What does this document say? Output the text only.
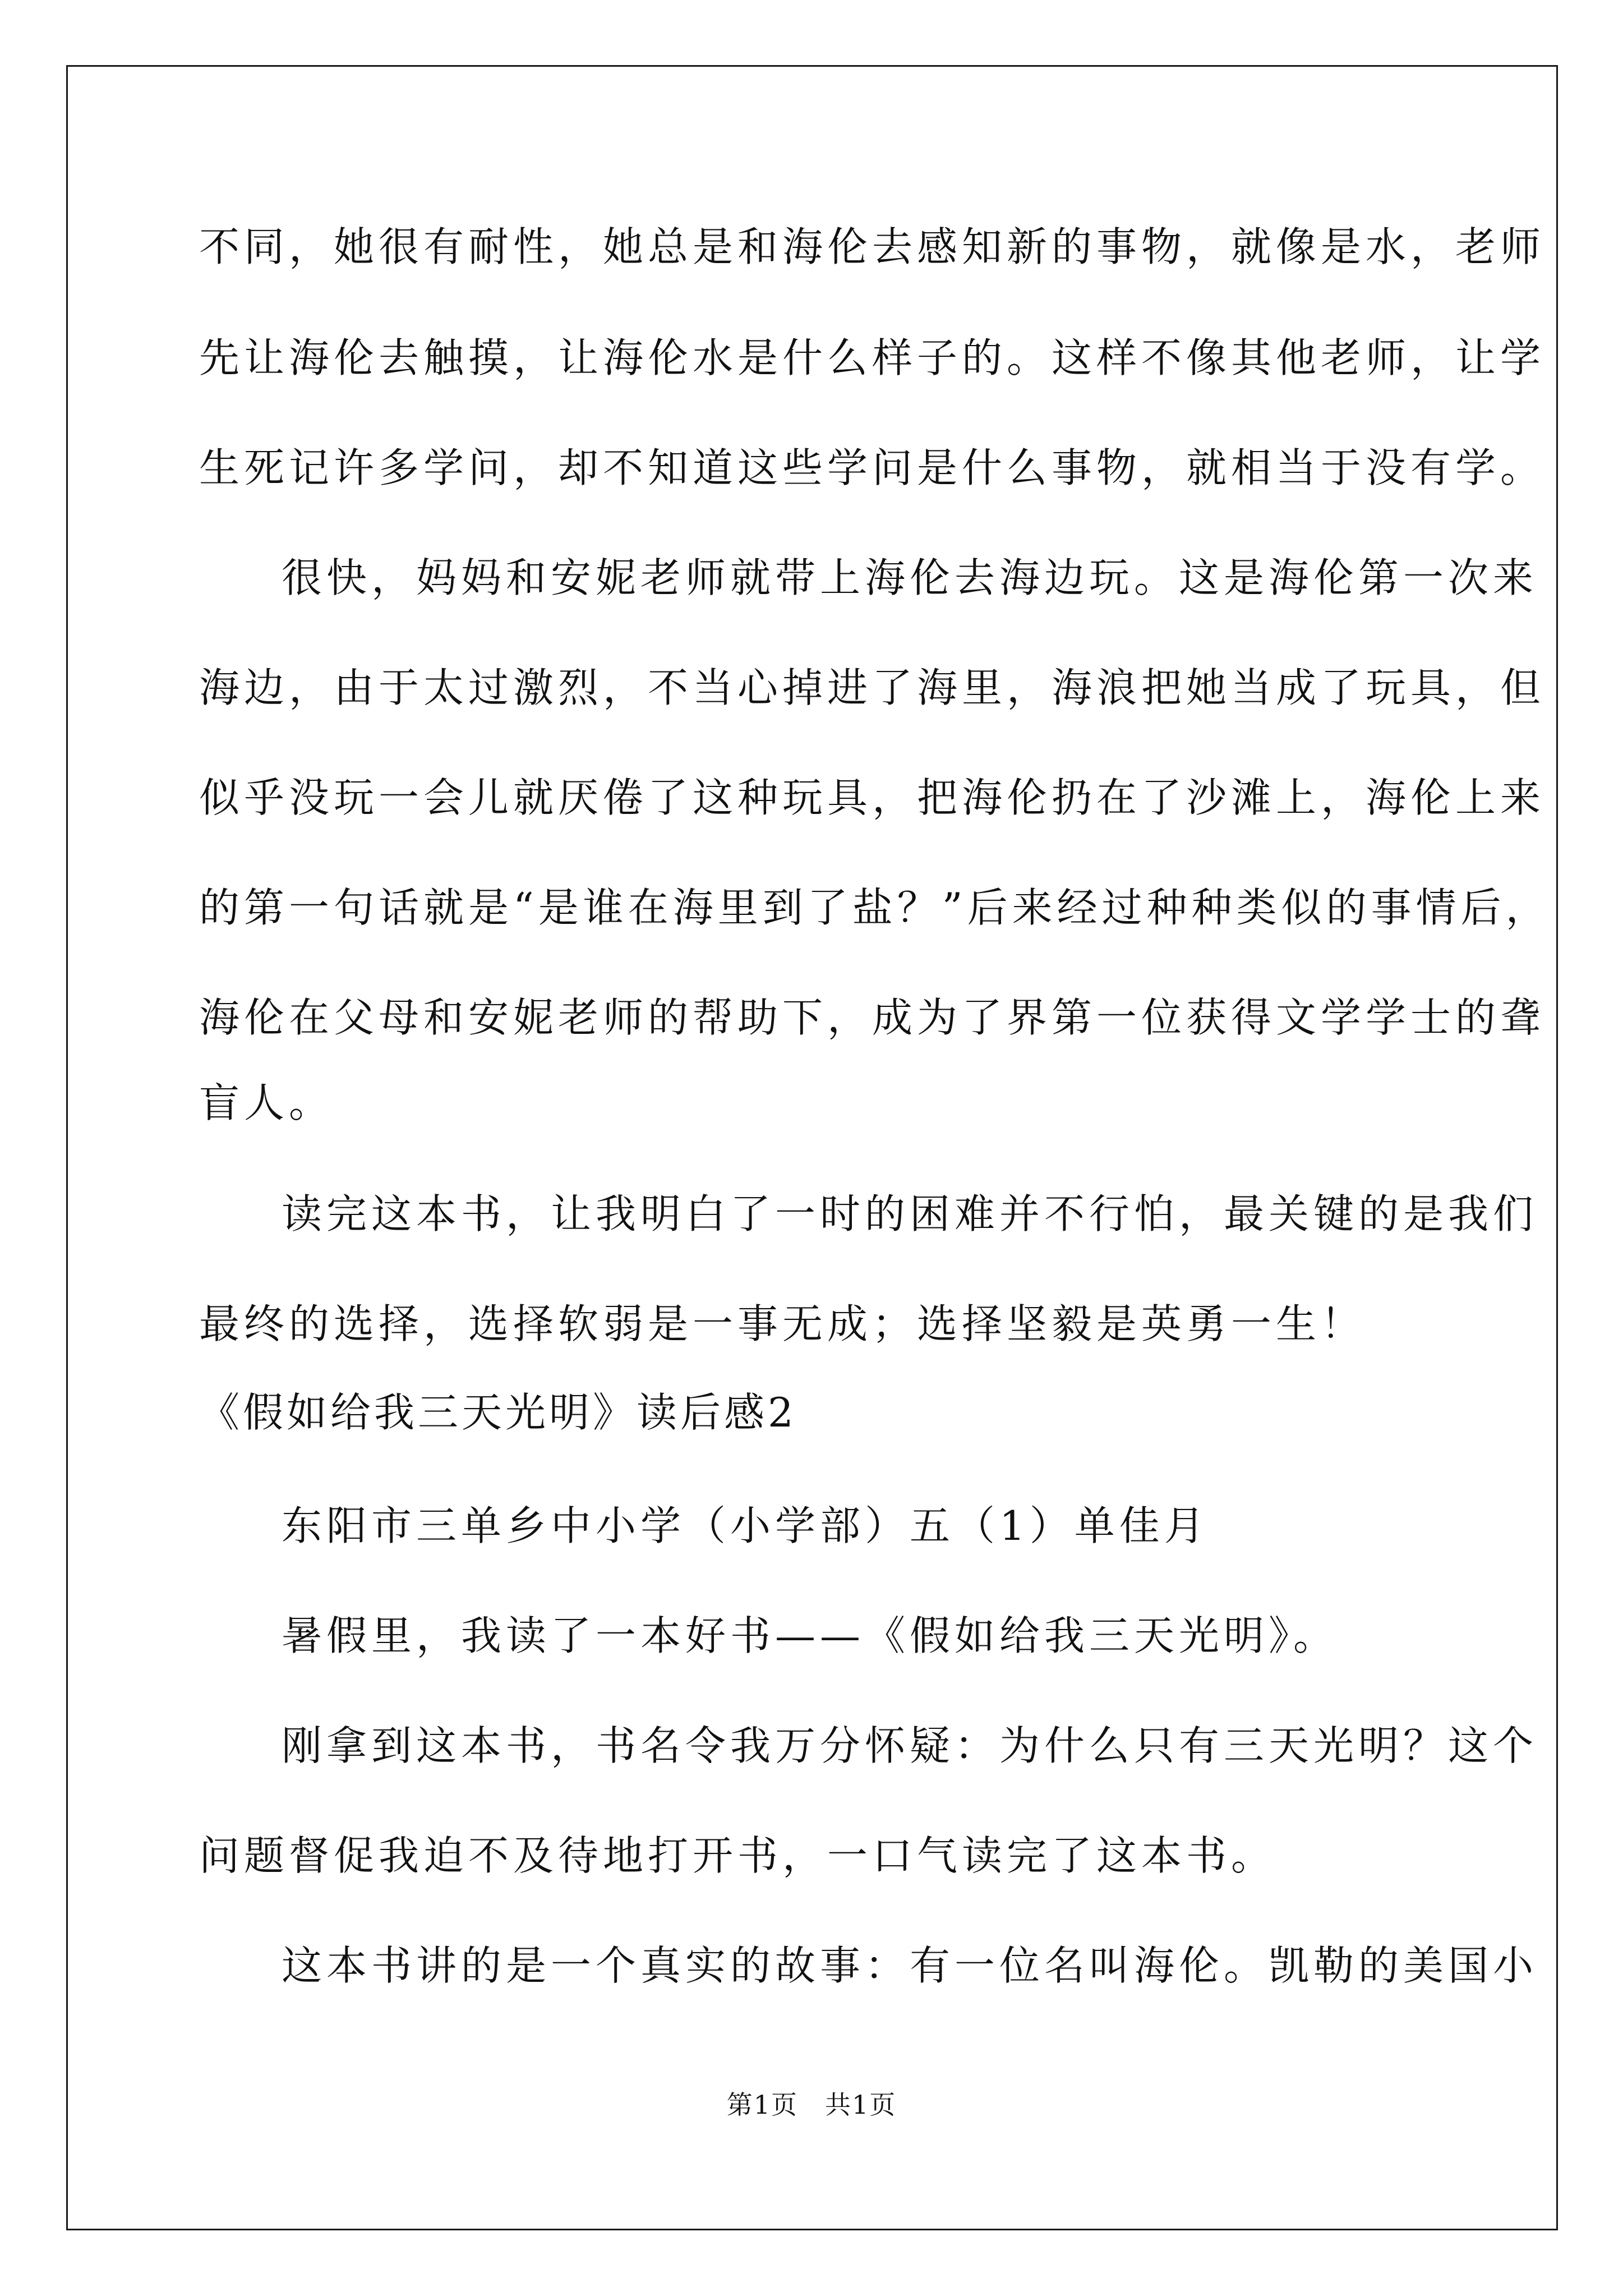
不同，她很有耐性，她总是和海伦去感知新的事物，就像是水，老师
先让海伦去触摸，让海伦水是什么样子的。这样不像其他老师，让学
生死记许多学问，却不知道这些学问是什么事物，就相当于没有学。
很快，妈妈和安妮老师就带上海伦去海边玩。这是海伦第一次来
海边，由于太过激烈，不当心掉进了海里，海浪把她当成了玩具，但
似乎没玩一会儿就厌倦了这种玩具，把海伦扔在了沙滩上，海伦上来
的第一句话就是“是谁在海里到了盐？”后来经过种种类似的事情后，
海伦在父母和安妮老师的帮助下，成为了界第一位获得文学学士的聋
盲人。
读完这本书，让我明白了一时的困难并不行怕，最关键的是我们
最终的选择，选择软弱是一事无成；选择坚毅是英勇一生！
《假如给我三天光明》读后感2
东阳市三单乡中小学（小学部）五（1）单佳月
暑假里，我读了一本好书——《假如给我三天光明》。
刚拿到这本书，书名令我万分怀疑：为什么只有三天光明？这个
问题督促我迫不及待地打开书，一口气读完了这本书。
这本书讲的是一个真实的故事：有一位名叫海伦。凯勒的美国小
第1页　共1页
